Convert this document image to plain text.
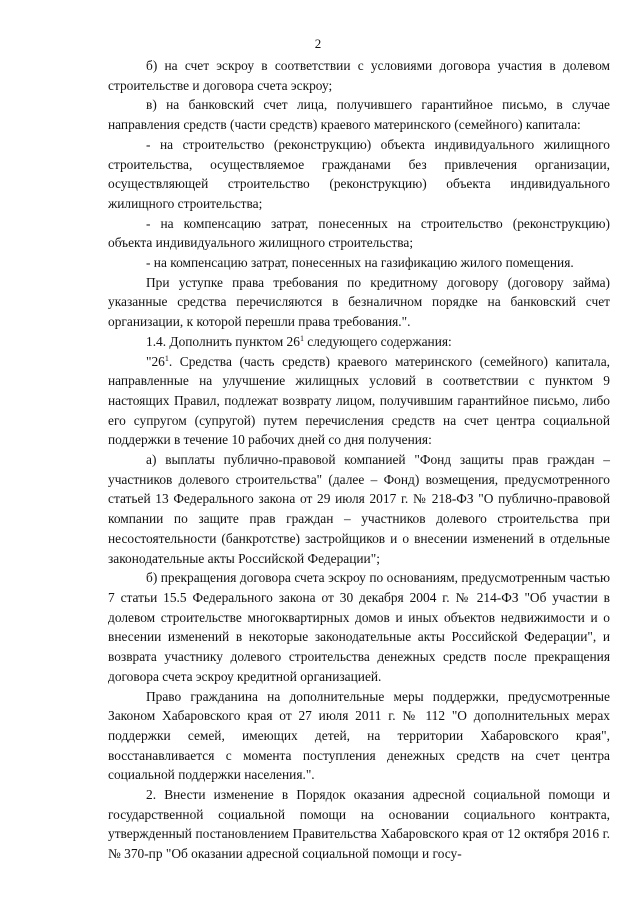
2

б) на счет эскроу в соответствии с условиями договора участия в долевом строительстве и договора счета эскроу;

в) на банковский счет лица, получившего гарантийное письмо, в случае направления средств (части средств) краевого материнского (семейного) капитала:

- на строительство (реконструкцию) объекта индивидуального жилищного строительства, осуществляемое гражданами без привлечения организации, осуществляющей строительство (реконструкцию) объекта индивидуального жилищного строительства;

- на компенсацию затрат, понесенных на строительство (реконструкцию) объекта индивидуального жилищного строительства;

- на компенсацию затрат, понесенных на газификацию жилого помещения.

При уступке права требования по кредитному договору (договору займа) указанные средства перечисляются в безналичном порядке на банковский счет организации, к которой перешли права требования.".

1.4. Дополнить пунктом $26^1$ следующего содержания:

"$26^1$. Средства (часть средств) краевого материнского (семейного) капитала, направленные на улучшение жилищных условий в соответствии с пунктом 9 настоящих Правил, подлежат возврату лицом, получившим гарантийное письмо, либо его супругом (супругой) путем перечисления средств на счет центра социальной поддержки в течение 10 рабочих дней со дня получения:

а) выплаты публично-правовой компанией "Фонд защиты прав граждан – участников долевого строительства" (далее – Фонд) возмещения, предусмотренного статьей 13 Федерального закона от 29 июля 2017 г. № 218-ФЗ "О публично-правовой компании по защите прав граждан – участников долевого строительства при несостоятельности (банкротстве) застройщиков и о внесении изменений в отдельные законодательные акты Российской Федерации";

б) прекращения договора счета эскроу по основаниям, предусмотренным частью 7 статьи 15.5 Федерального закона от 30 декабря 2004 г. № 214-ФЗ "Об участии в долевом строительстве многоквартирных домов и иных объектов недвижимости и о внесении изменений в некоторые законодательные акты Российской Федерации", и возврата участнику долевого строительства денежных средств после прекращения договора счета эскроу кредитной организацией.

Право гражданина на дополнительные меры поддержки, предусмотренные Законом Хабаровского края от 27 июля 2011 г. № 112 "О дополнительных мерах поддержки семей, имеющих детей, на территории Хабаровского края", восстанавливается с момента поступления денежных средств на счет центра социальной поддержки населения.".

2. Внести изменение в Порядок оказания адресной социальной помощи и государственной социальной помощи на основании социального контракта, утвержденный постановлением Правительства Хабаровского края от 12 октября 2016 г. № 370-пр "Об оказании адресной социальной помощи и госу-
